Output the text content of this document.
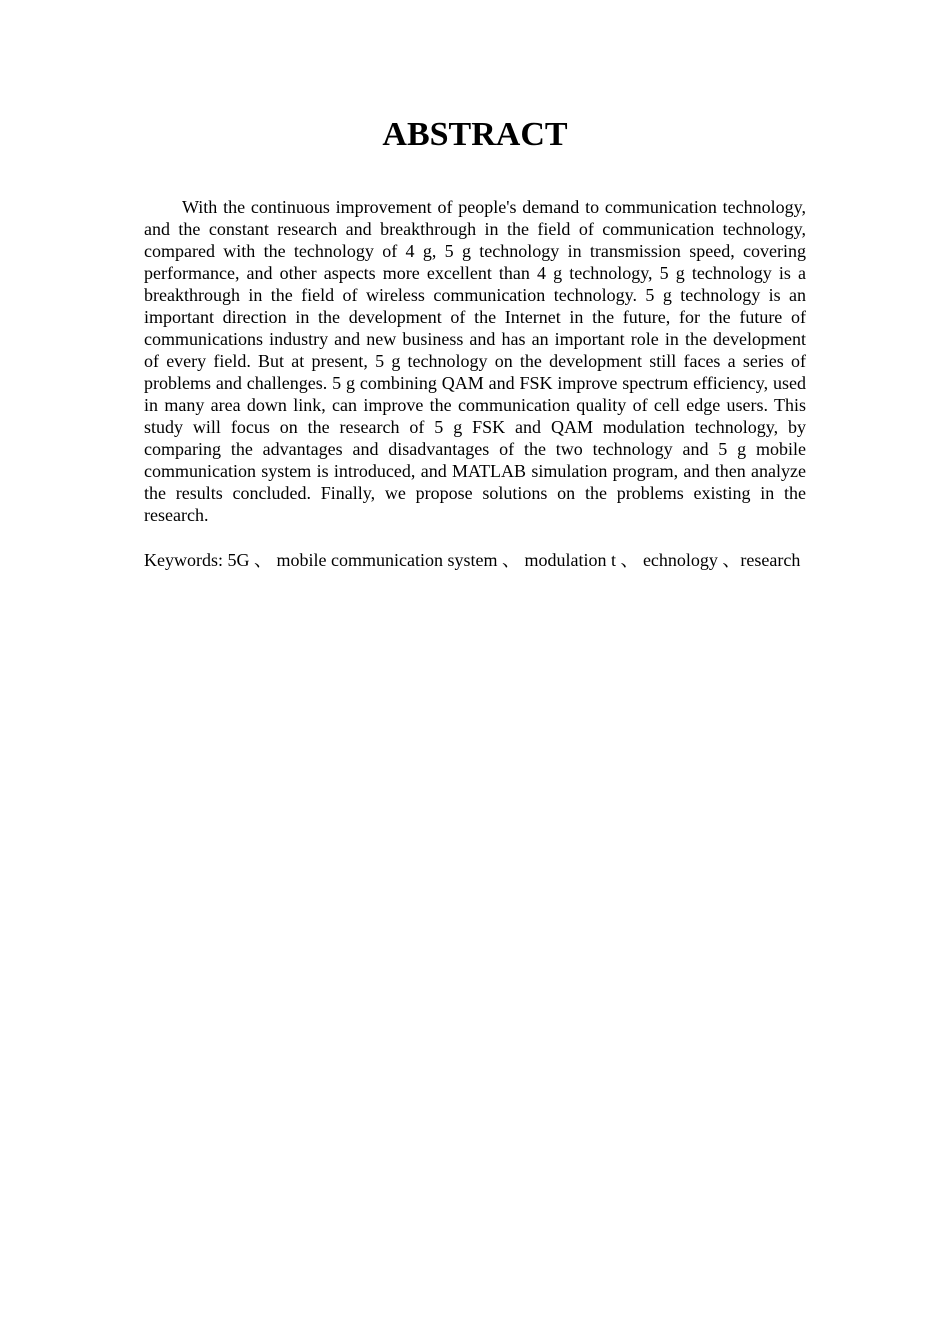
ABSTRACT

With the continuous improvement of people's demand to communication technology, and the constant research and breakthrough in the field of communication technology, compared with the technology of 4 g, 5 g technology in transmission speed, covering performance, and other aspects more excellent than 4 g technology, 5 g technology is a breakthrough in the field of wireless communication technology. 5 g technology is an important direction in the development of the Internet in the future, for the future of communications industry and new business and has an important role in the development of every field. But at present, 5 g technology on the development still faces a series of problems and challenges. 5 g combining QAM and FSK improve spectrum efficiency, used in many area down link, can improve the communication quality of cell edge users. This study will focus on the research of 5 g FSK and QAM modulation technology, by comparing the advantages and disadvantages of the two technology and 5 g mobile communication system is introduced, and MATLAB simulation program, and then analyze the results concluded. Finally, we propose solutions on the problems existing in the research.

Keywords: 5G 、 mobile communication system 、 modulation t 、 echnology 、research
